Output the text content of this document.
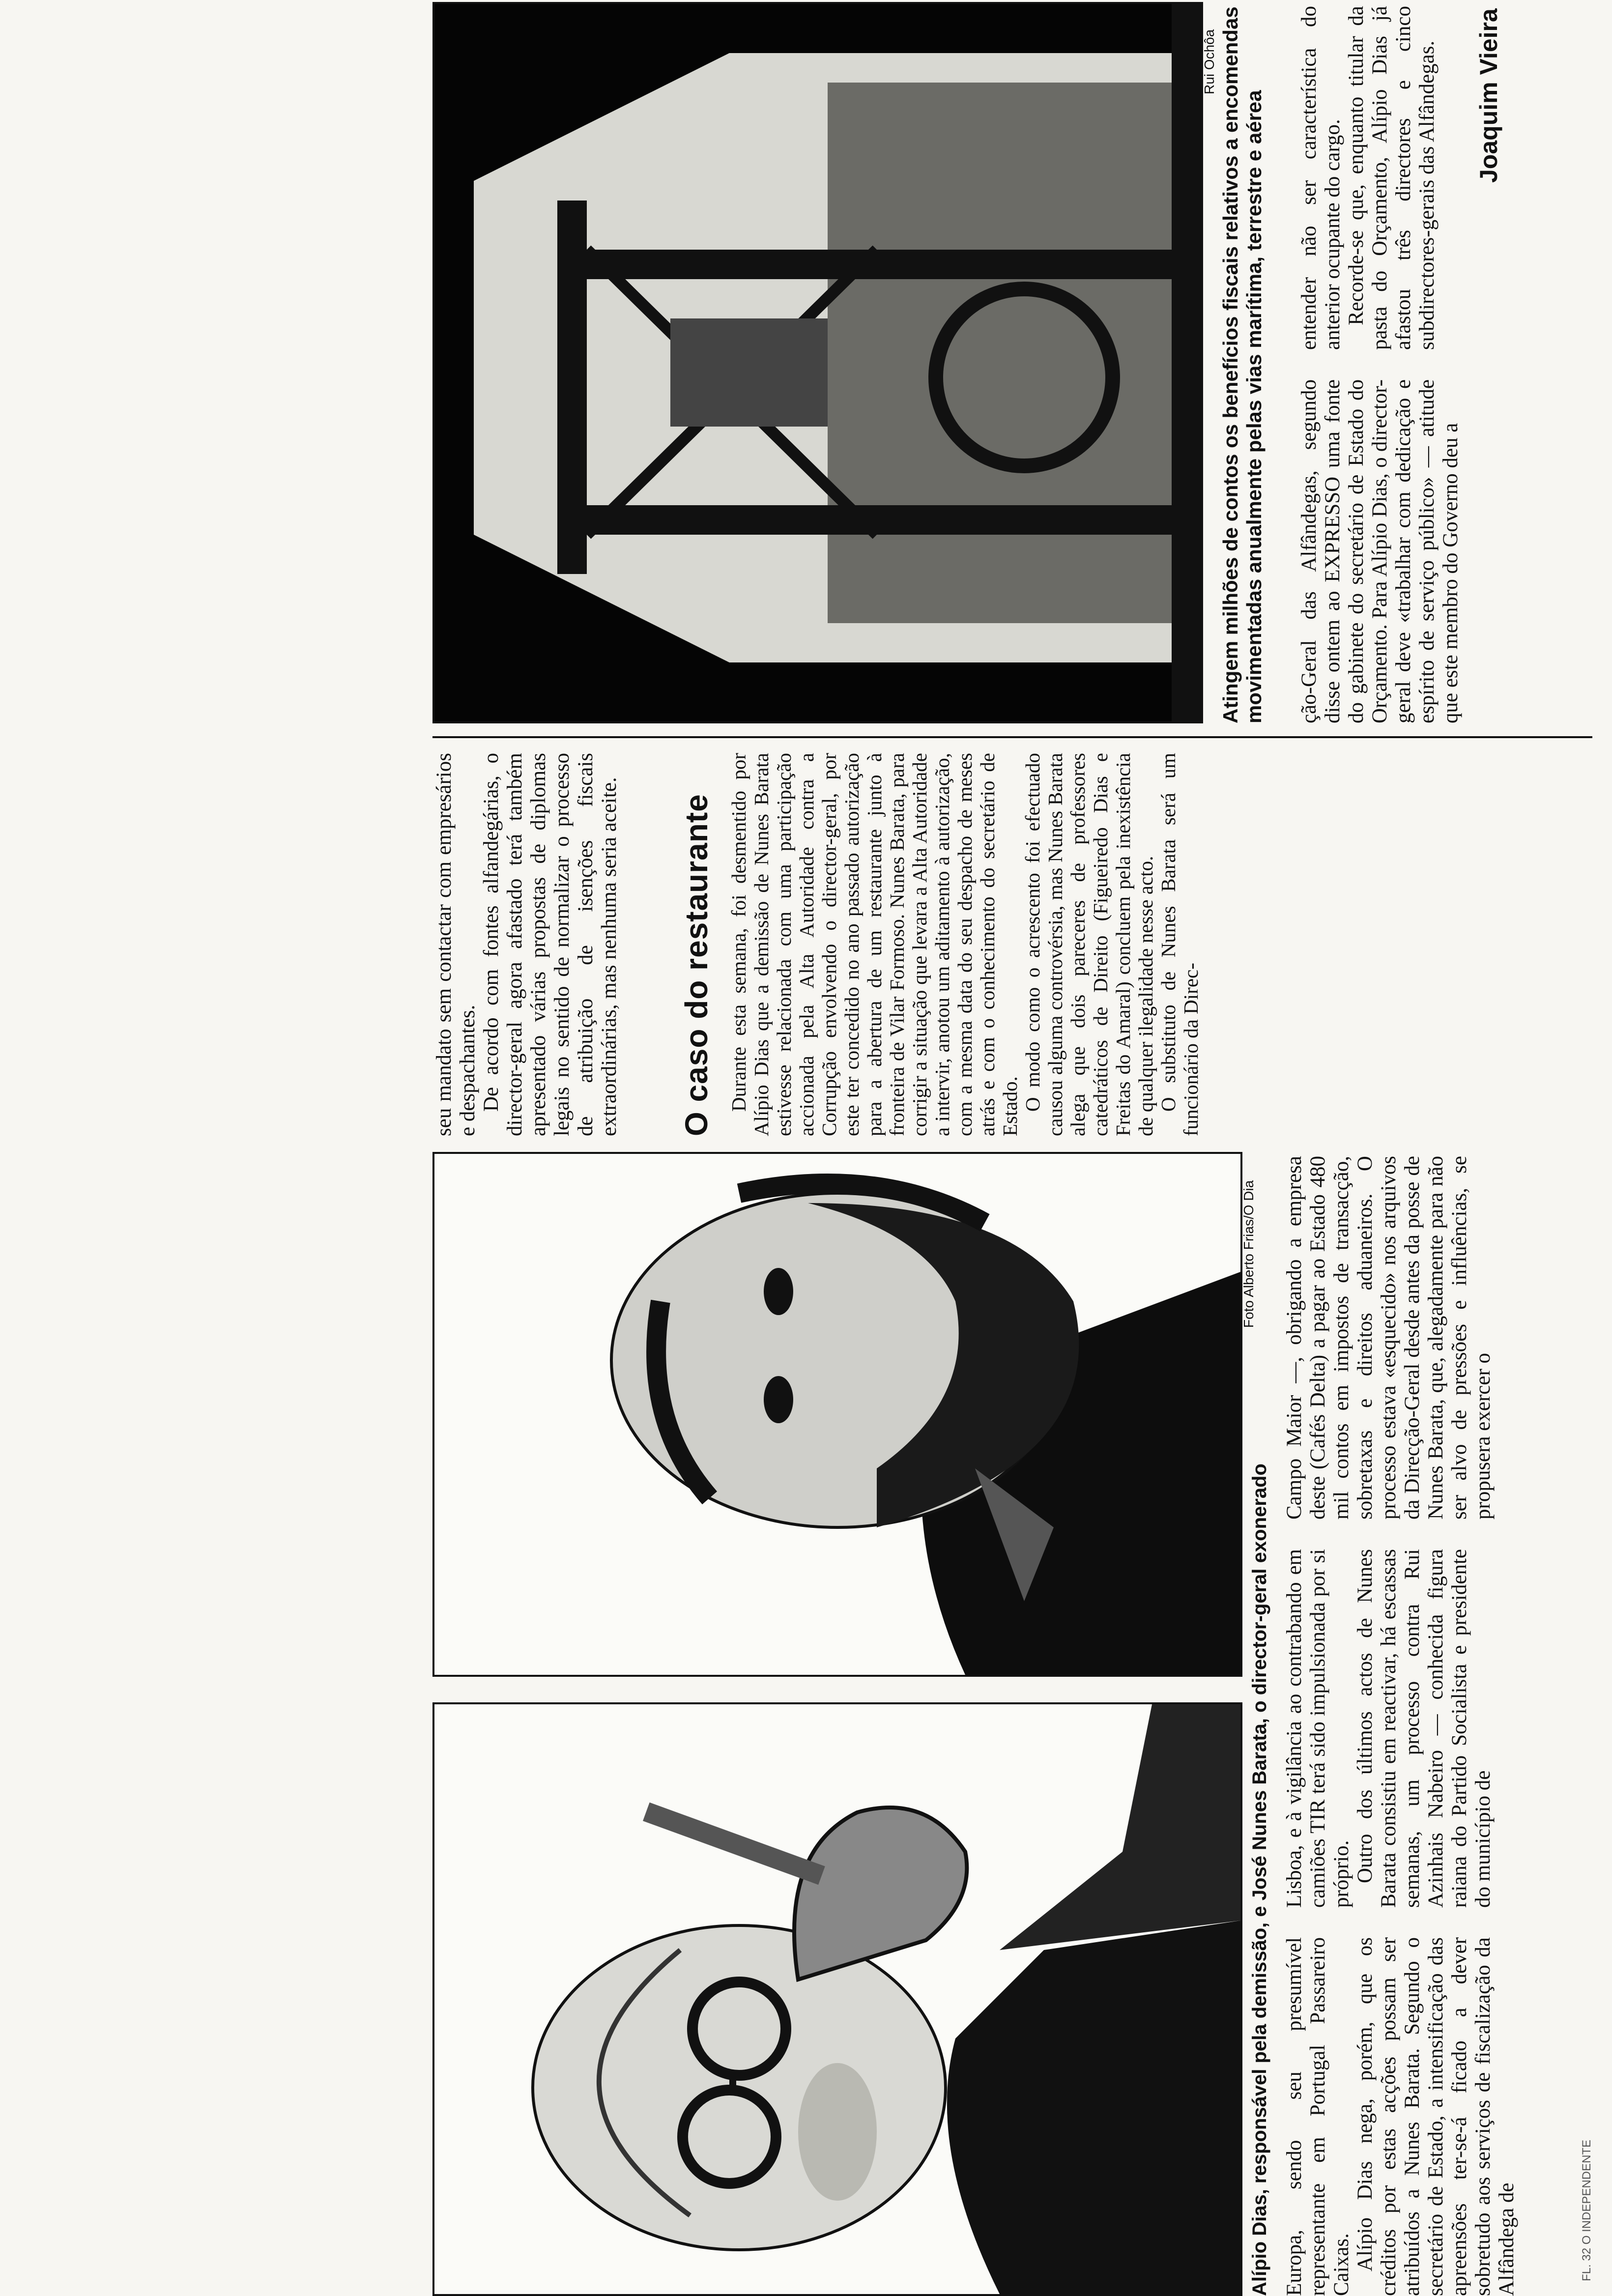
FL. 32 O INDEPENDENTE
Foto Alberto Frias/O Dia
Alípio Dias, responsável pela demissão, e José Nunes Barata, o director-geral exonerado Europa, sendo seu presumível representante em Portugal Passareiro Caixas. Alípio Dias nega, porém, que os créditos por estas acções possam ser atribuídos a Nunes Barata. Segundo o secretário de Estado, a intensificação das apreensões ter-se-á ficado a dever sobretudo aos serviços de fiscalização da Alfândega de

Lisboa, e à vigilância ao contrabando em camiões TIR terá sido impulsionada por si próprio. Outro dos últimos actos de Nunes Barata consistiu em reactivar, há escassas semanas, um processo contra Rui Azinhais Nabeiro — conhecida figura raiana do Partido Socialista e presidente do município de

Campo Maior —, obrigando a empresa deste (Cafés Delta) a pagar ao Estado 480 mil contos em impostos de transacção, sobretaxas e direitos aduaneiros. O processo estava «esquecido» nos arquivos da Direcção-Geral desde antes da posse de Nunes Barata, que, alegadamente para não ser alvo de pressões e influências, se propusera exercer o

seu mandato sem contactar com empresários e despachantes. De acordo com fontes alfandegárias, o director-geral agora afastado terá também apresentado várias propostas de diplomas legais no sentido de normalizar o processo de atribuição de isenções fiscais extraordinárias, mas nenhuma seria aceite. O caso do restaurante Durante esta semana, foi desmentido por Alípio Dias que a demissão de Nunes Barata estivesse relacionada com uma participação accionada pela Alta Autoridade contra a Corrupção envolvendo o director-geral, por este ter concedido no ano passado autorização para a abertura de um restaurante junto à fronteira de Vilar Formoso. Nunes Barata, para corrigir a situação que levara a Alta Autoridade a intervir, anotou um aditamento à autorização, com a mesma data do seu despacho de meses atrás e com o conhecimento do secretário de Estado. O modo como o acrescento foi efectuado causou alguma controvérsia, mas Nunes Barata alega que dois pareceres de professores catedráticos de Direito (Figueiredo Dias e Freitas do Amaral) concluem pela inexistência de qualquer ilegalidade nesse acto. O substituto de Nunes Barata será um funcionário da Direc-

Rui Ochôa Atingem milhões de contos os benefícios fiscais relativos a encomendas movimentadas anualmente pelas vias marítima, terrestre e aérea ção-Geral das Alfândegas, segundo disse ontem ao EXPRESSO uma fonte do gabinete do secretário de Estado do Orçamento. Para Alípio Dias, o director-geral deve «trabalhar com dedicação e espírito de serviço público» — atitude que este membro do Governo deu a

entender não ser característica do anterior ocupante do cargo. Recorde-se que, enquanto titular da pasta do Orçamento, Alípio Dias já afastou três directores e cinco subdirectores-gerais das Alfândegas. Joaquim Vieira
